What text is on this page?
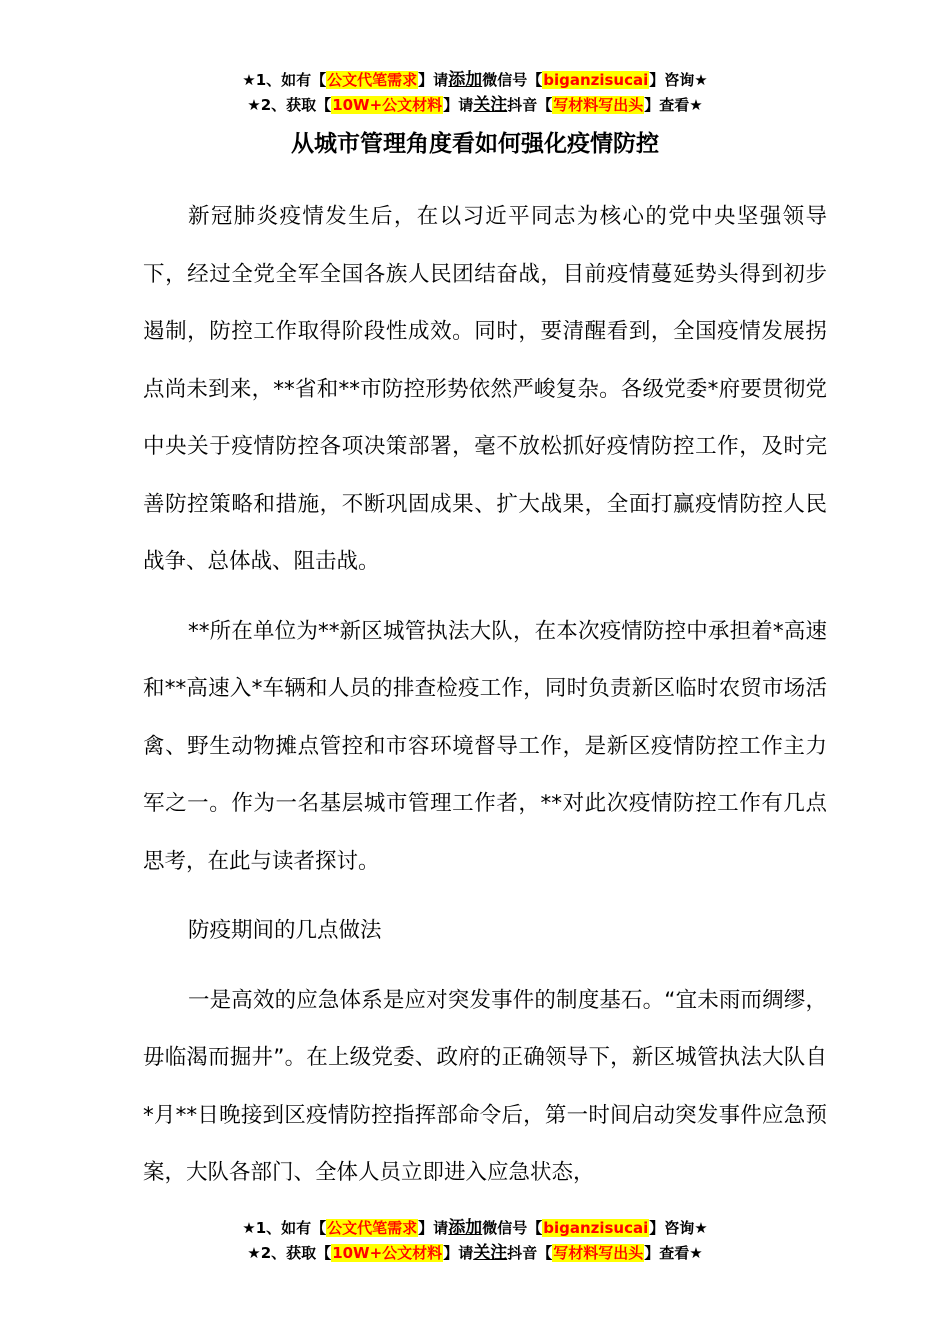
★1、如有【公文代笔需求】请添加微信号【biganzisucai】咨询★
★2、获取【10W+公文材料】请关注抖音【写材料写出头】查看★
从城市管理角度看如何强化疫情防控

新冠肺炎疫情发生后，在以习近平同志为核心的党中央坚强领导下，经过全党全军全国各族人民团结奋战，目前疫情蔓延势头得到初步遏制，防控工作取得阶段性成效。同时，要清醒看到，全国疫情发展拐点尚未到来，**省和**市防控形势依然严峻复杂。各级党委*府要贯彻党中央关于疫情防控各项决策部署，毫不放松抓好疫情防控工作，及时完善防控策略和措施，不断巩固成果、扩大战果，全面打赢疫情防控人民战争、总体战、阻击战。

**所在单位为**新区城管执法大队，在本次疫情防控中承担着*高速和**高速入*车辆和人员的排查检疫工作，同时负责新区临时农贸市场活禽、野生动物摊点管控和市容环境督导工作，是新区疫情防控工作主力军之一。作为一名基层城市管理工作者，**对此次疫情防控工作有几点思考，在此与读者探讨。

防疫期间的几点做法

一是高效的应急体系是应对突发事件的制度基石。“宜未雨而绸缪，毋临渴而掘井”。在上级党委、政府的正确领导下，新区城管执法大队自*月**日晚接到区疫情防控指挥部命令后，第一时间启动突发事件应急预案，大队各部门、全体人员立即进入应急状态，

★1、如有【公文代笔需求】请添加微信号【biganzisucai】咨询★
★2、获取【10W+公文材料】请关注抖音【写材料写出头】查看★
